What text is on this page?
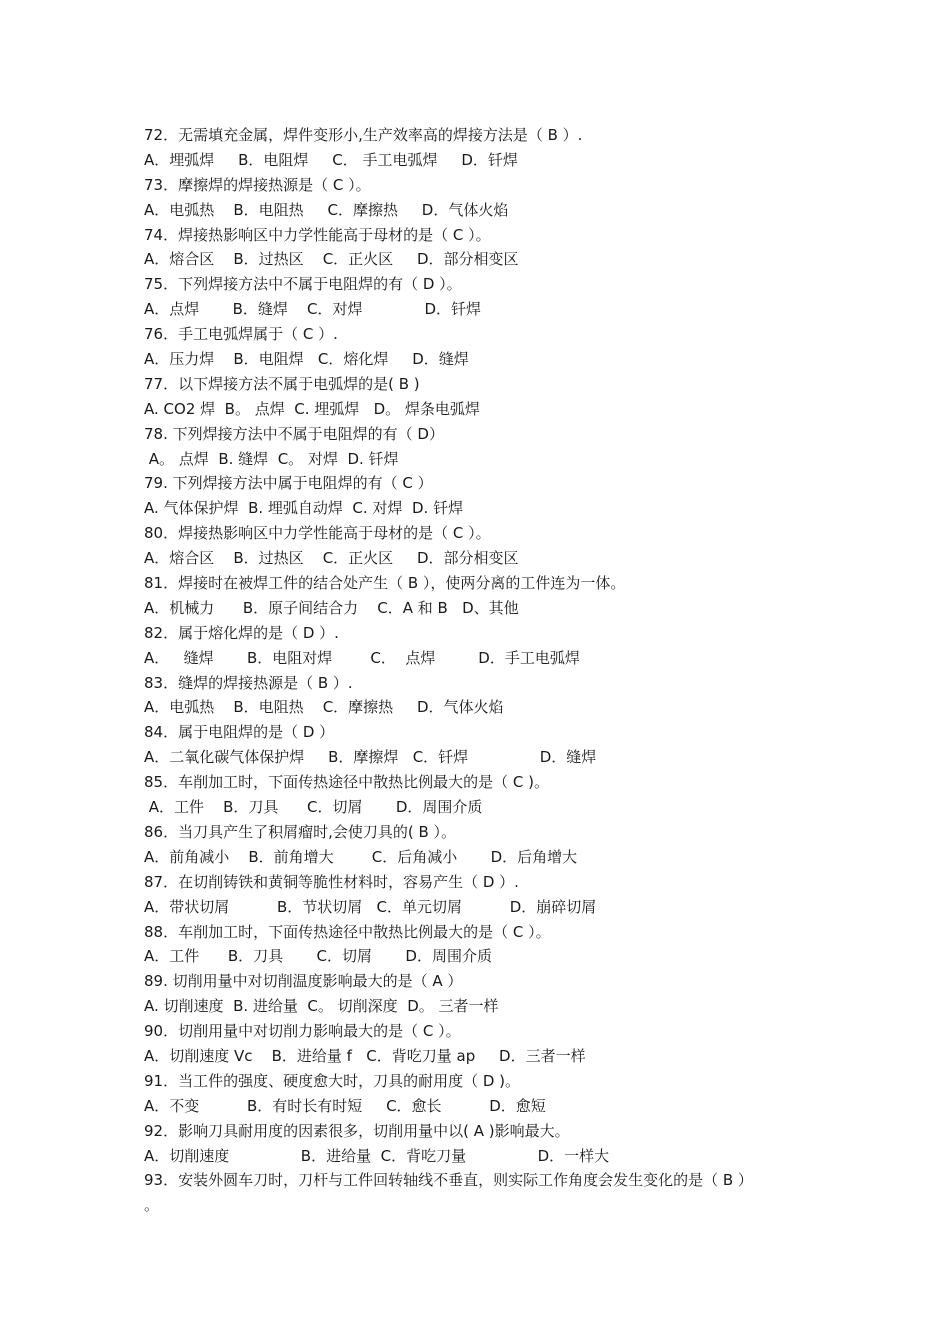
72．无需填充金属，焊件变形小,生产效率高的焊接方法是（ B ）.
A．埋弧焊     B．电阻焊     C． 手工电弧焊     D．钎焊
73．摩擦焊的焊接热源是（ C ）。
A．电弧热    B．电阻热     C．摩擦热     D．气体火焰
74．焊接热影响区中力学性能高于母材的是（ C ）。
A．熔合区    B．过热区    C．正火区     D．部分相变区
75．下列焊接方法中不属于电阻焊的有（ D ）。
A．点焊       B．缝焊    C．对焊             D．钎焊
76．手工电弧焊属于（ C ）.
A．压力焊    B．电阻焊   C．熔化焊     D．缝焊
77．以下焊接方法不属于电弧焊的是( B )
A. CO2 焊  B。 点焊  C. 埋弧焊   D。 焊条电弧焊
78. 下列焊接方法中不属于电阻焊的有（ D）
A。 点焊  B. 缝焊  C。 对焊  D. 钎焊
79. 下列焊接方法中属于电阻焊的有（ C ）
A. 气体保护焊  B. 埋弧自动焊  C. 对焊  D. 钎焊
80．焊接热影响区中力学性能高于母材的是（ C ）。
A．熔合区    B．过热区    C．正火区     D．部分相变区
81．焊接时在被焊工件的结合处产生（ B ），使两分离的工件连为一体。
A．机械力      B．原子间结合力    C．A 和 B   D、其他
82．属于熔化焊的是（ D ）.
A．   缝焊       B．电阻对焊        C．  点焊         D．手工电弧焊
83．缝焊的焊接热源是（ B ）.
A．电弧热    B．电阻热    C．摩擦热     D．气体火焰
84．属于电阻焊的是（ D ）
A．二氧化碳气体保护焊     B．摩擦焊   C．钎焊               D．缝焊
85．车削加工时，下面传热途径中散热比例最大的是（ C )。
A．工件    B．刀具      C．切屑       D．周围介质
86．当刀具产生了积屑瘤时,会使刀具的( B ）。
A．前角减小    B．前角增大        C．后角减小       D．后角增大
87．在切削铸铁和黄铜等脆性材料时，容易产生（ D ）.
A．带状切屑          B．节状切屑   C．单元切屑          D．崩碎切屑
88．车削加工时，下面传热途径中散热比例最大的是（ C ）。
A．工件      B．刀具       C．切屑       D．周围介质
89. 切削用量中对切削温度影响最大的是（ A ）
A. 切削速度  B. 进给量  C。 切削深度  D。 三者一样
90．切削用量中对切削力影响最大的是（ C ）。
A．切削速度 Vc    B．进给量 f   C．背吃刀量 ap     D．三者一样
91．当工件的强度、硬度愈大时，刀具的耐用度（ D )。
A．不变          B．有时长有时短     C．愈长          D．愈短
92．影响刀具耐用度的因素很多，切削用量中以( A )影响最大。
A．切削速度               B．进给量  C．背吃刀量               D．一样大
93．安装外圆车刀时，刀杆与工件回转轴线不垂直，则实际工作角度会发生变化的是（ B ）
。
